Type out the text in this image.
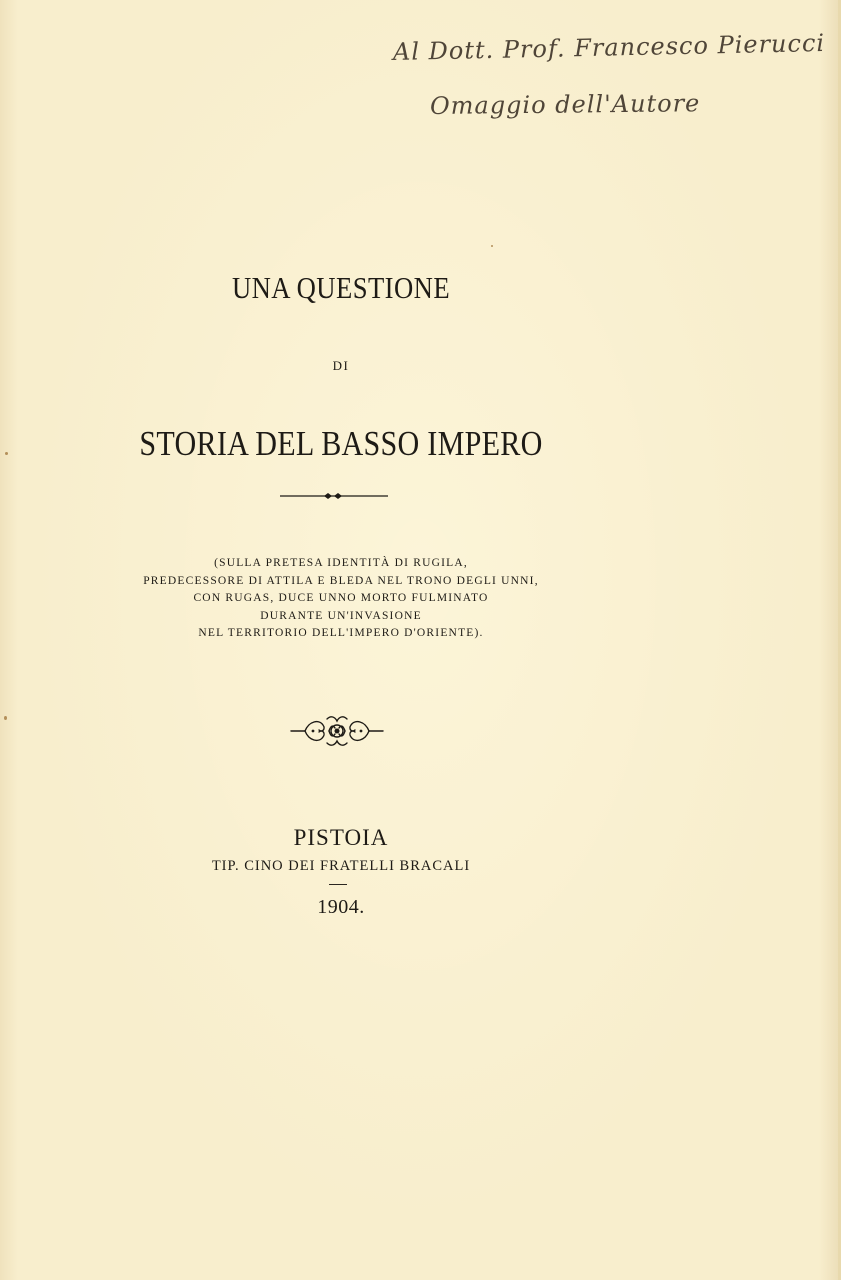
Al Dott. Prof. Francesco Pierucci
Omaggio dell'Autore
UNA QUESTIONE
DI
STORIA DEL BASSO IMPERO
(SULLA PRETESA IDENTITÀ DI RUGILA,
PREDECESSORE DI ATTILA E BLEDA NEL TRONO DEGLI UNNI,
CON RUGAS, DUCE UNNO MORTO FULMINATO
DURANTE UN'INVASIONE
NEL TERRITORIO DELL'IMPERO D'ORIENTE).
PISTOIA
TIP. CINO DEI FRATELLI BRACALI
1904.
